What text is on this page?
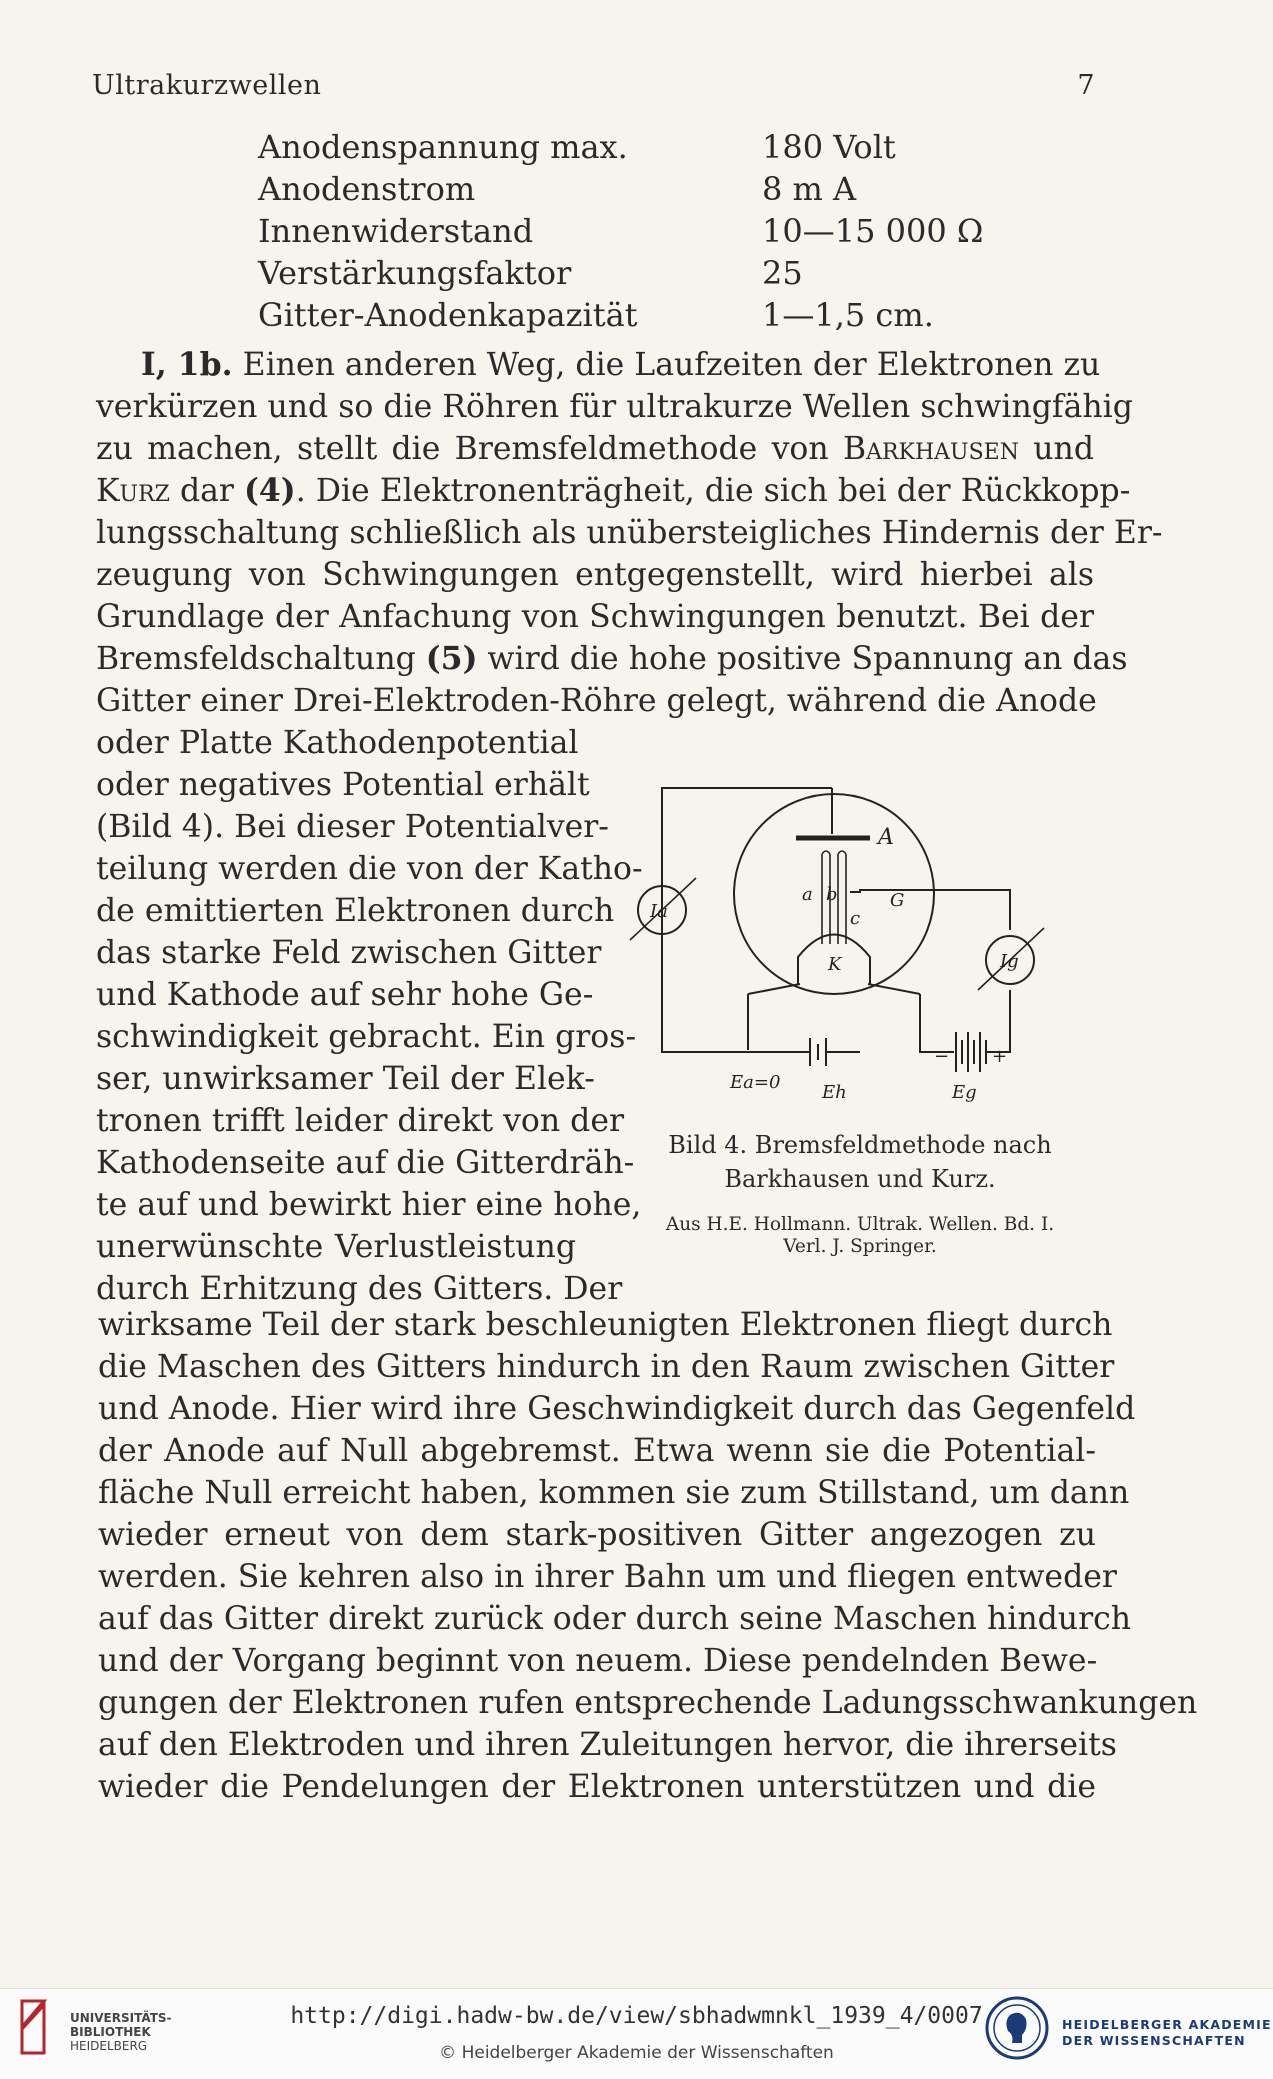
Ultrakurzwellen	7
Anodenspannung max.	180 Volt
Anodenstrom	8 m A
Innenwiderstand	10—15 000 Ω
Verstärkungsfaktor	25
Gitter-Anodenkapazität	1—1,5 cm.
I, 1b. Einen anderen Weg, die Laufzeiten der Elektronen zu
verkürzen und so die Röhren für ultrakurze Wellen schwingfähig
zu machen, stellt die Bremsfeldmethode von Barkhausen und
Kurz dar (4). Die Elektronenträgheit, die sich bei der Rückkopp-
lungsschaltung schließlich als unübersteigliches Hindernis der Er-
zeugung von Schwingungen entgegenstellt, wird hierbei als
Grundlage der Anfachung von Schwingungen benutzt. Bei der
Bremsfeldschaltung (5) wird die hohe positive Spannung an das
Gitter einer Drei-Elektroden-Röhre gelegt, während die Anode
oder Platte Kathodenpotential
oder negatives Potential erhält
(Bild 4). Bei dieser Potentialver-
teilung werden die von der Katho-
de emittierten Elektronen durch
das starke Feld zwischen Gitter
und Kathode auf sehr hohe Ge-
schwindigkeit gebracht. Ein gros-
ser, unwirksamer Teil der Elek-
tronen trifft leider direkt von der
Kathodenseite auf die Gitterdräh-
te auf und bewirkt hier eine hohe,
unerwünschte Verlustleistung
durch Erhitzung des Gitters. Der
A
a b
c
G
K
Ia
Ig
Ea=0 Eh	Eg
− +
Bild 4. Bremsfeldmethode nach
Barkhausen und Kurz.
Aus H.E. Hollmann. Ultrak. Wellen. Bd. I.
Verl. J. Springer.
wirksame Teil der stark beschleunigten Elektronen fliegt durch
die Maschen des Gitters hindurch in den Raum zwischen Gitter
und Anode. Hier wird ihre Geschwindigkeit durch das Gegenfeld
der Anode auf Null abgebremst. Etwa wenn sie die Potential-
fläche Null erreicht haben, kommen sie zum Stillstand, um dann
wieder erneut von dem stark-positiven Gitter angezogen zu
werden. Sie kehren also in ihrer Bahn um und fliegen entweder
auf das Gitter direkt zurück oder durch seine Maschen hindurch
und der Vorgang beginnt von neuem. Diese pendelnden Bewe-
gungen der Elektronen rufen entsprechende Ladungsschwankungen
auf den Elektroden und ihren Zuleitungen hervor, die ihrerseits
wieder die Pendelungen der Elektronen unterstützen und die
UNIVERSITÄTS-
BIBLIOTHEK
HEIDELBERG
http://digi.hadw-bw.de/view/sbhadwmnkl_1939_4/0007
© Heidelberger Akademie der Wissenschaften
HEIDELBERGER AKADEMIE
DER WISSENSCHAFTEN
